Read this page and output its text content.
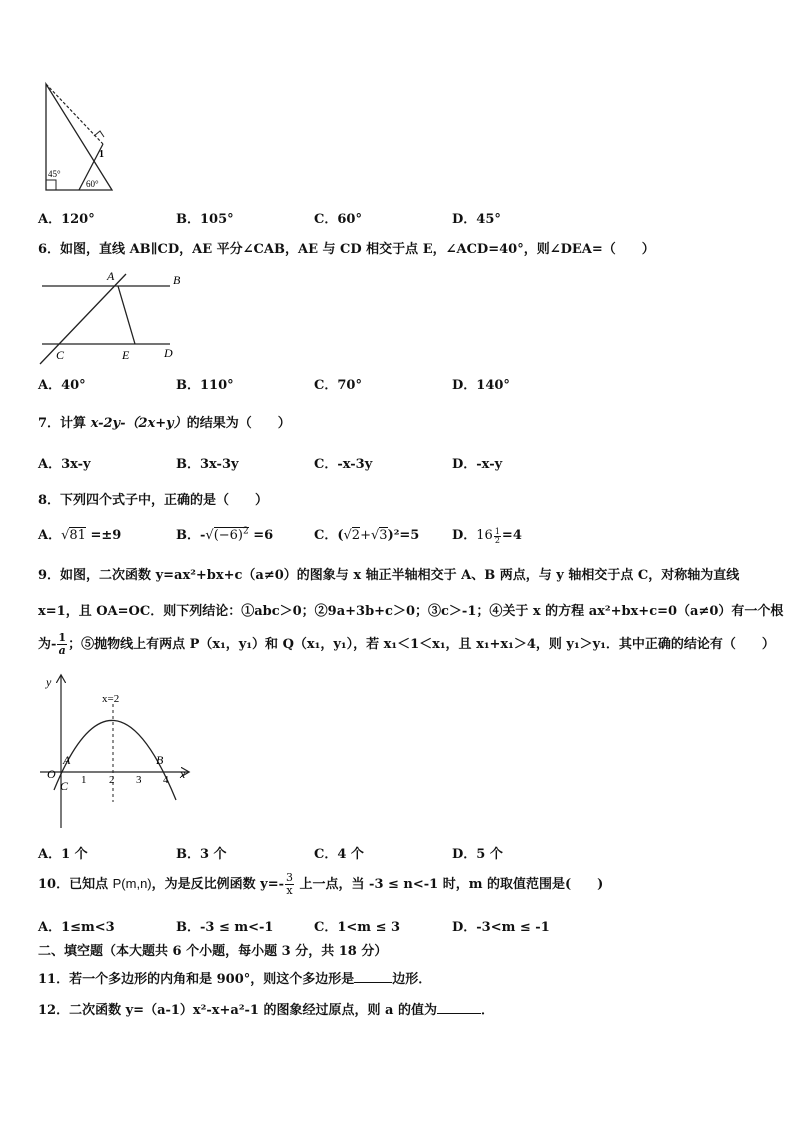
45°
60°
1
A．120°	B．105°	C．60°	D．45°
6．如图，直线 AB∥CD，AE 平分∠CAB，AE 与 CD 相交于点 E，∠ACD=40°，则∠DEA=（　　）
A	B
C	E	D
A．40°	B．110°	C．70°	D．140°
7．计算 x-2y-（2x+y）的结果为（　　）
A．3x-y	B．3x-3y	C．-x-3y	D．-x-y
8．下列四个式子中，正确的是（　　）
A．√81 =±9	B．$-√(-6)^2 =6$	C．(√2+√3)²=5	D．$16 \frac{1}{2} =4$
9．如图，二次函数 y=ax²+bx+c（a≠0）的图象与 x 轴正半轴相交于 A、B 两点，与 y 轴相交于点 C，对称轴为直线
x=1，且 OA=OC．则下列结论：①abc＞0；②9a+3b+c＞0；③c＞-1；④关于 x 的方程 ax²+bx+c=0（a≠0）有一个根
为- $\frac{1}{a}$ ；⑤抛物线上有两点 P（x₁，y₁）和 Q（x₁，y₁），若 x₁＜1＜x₁，且 x₁+x₁＞4，则 y₁＞y₁．其中正确的结论有（　　）
y
x
x=2
O
A
C
B
1 2 3 4
A．1 个	B．3 个	C．4 个	D．5 个
10．已知点 P(m,n)，为是反比例函数 $y=- \frac{3}{x}$ 上一点，当 -3 ≤ n<-1 时，m 的取值范围是(　　)
A．1≤m<3	B．-3 ≤ m<-1	C．1<m ≤ 3	D．-3<m ≤ -1
二、填空题（本大题共 6 个小题，每小题 3 分，共 18 分）
11．若一个多边形的内角和是 900°，则这个多边形是	边形．
12．二次函数 y=（a-1）x²-x+a²-1 的图象经过原点，则 a 的值为	．
